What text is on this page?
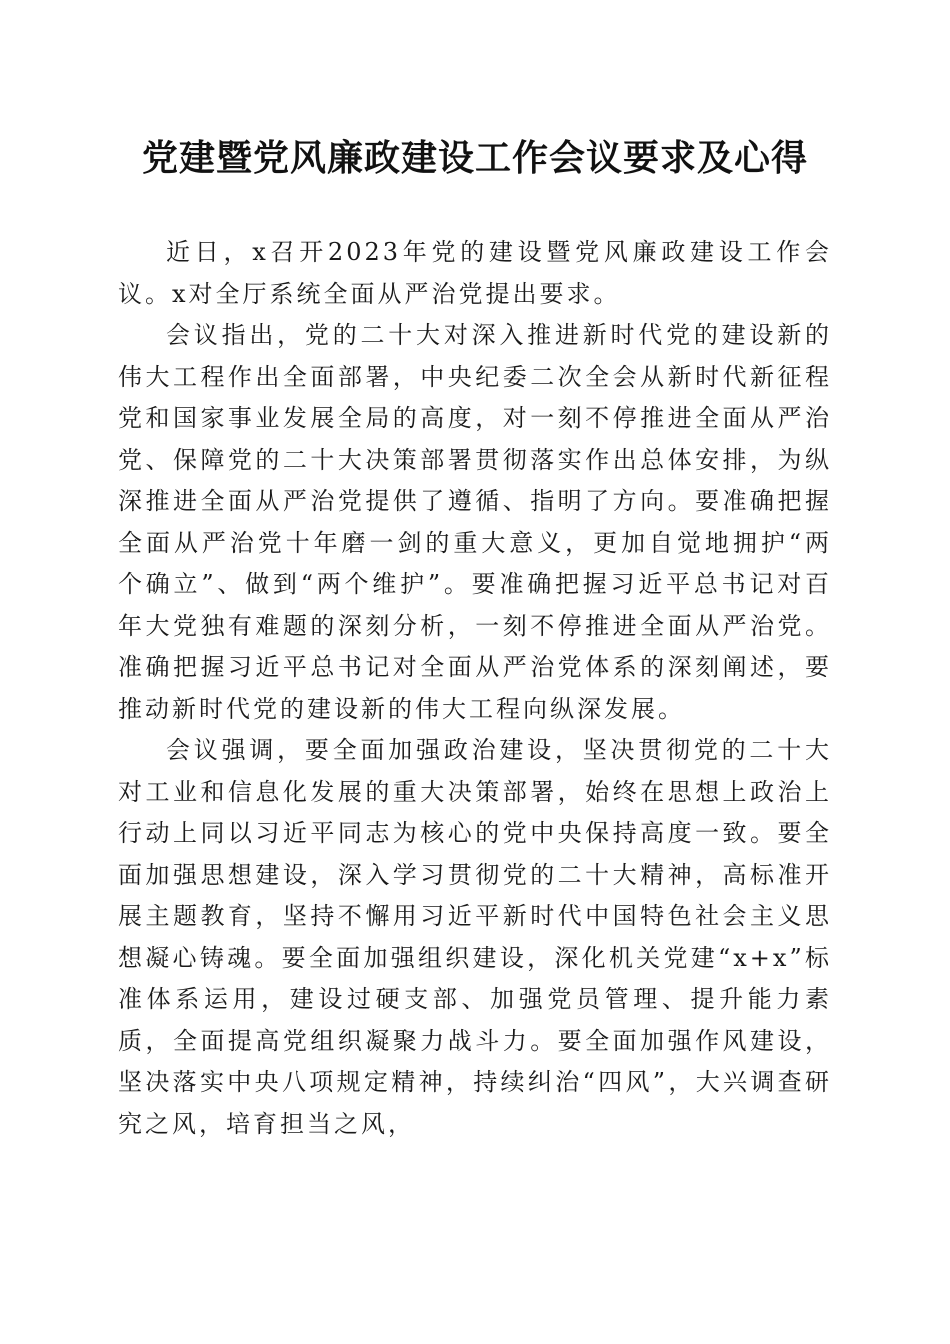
党建暨党风廉政建设工作会议要求及心得

近日，x召开2023年党的建设暨党风廉政建设工作会议。x对全厅系统全面从严治党提出要求。

会议指出，党的二十大对深入推进新时代党的建设新的伟大工程作出全面部署，中央纪委二次全会从新时代新征程党和国家事业发展全局的高度，对一刻不停推进全面从严治党、保障党的二十大决策部署贯彻落实作出总体安排，为纵深推进全面从严治党提供了遵循、指明了方向。要准确把握全面从严治党十年磨一剑的重大意义，更加自觉地拥护“两个确立”、做到“两个维护”。要准确把握习近平总书记对百年大党独有难题的深刻分析，一刻不停推进全面从严治党。准确把握习近平总书记对全面从严治党体系的深刻阐述，要推动新时代党的建设新的伟大工程向纵深发展。

会议强调，要全面加强政治建设，坚决贯彻党的二十大对工业和信息化发展的重大决策部署，始终在思想上政治上行动上同以习近平同志为核心的党中央保持高度一致。要全面加强思想建设，深入学习贯彻党的二十大精神，高标准开展主题教育，坚持不懈用习近平新时代中国特色社会主义思想凝心铸魂。要全面加强组织建设，深化机关党建“x+x”标准体系运用，建设过硬支部、加强党员管理、提升能力素质，全面提高党组织凝聚力战斗力。要全面加强作风建设，坚决落实中央八项规定精神，持续纠治“四风”，大兴调查研究之风，培育担当之风，
